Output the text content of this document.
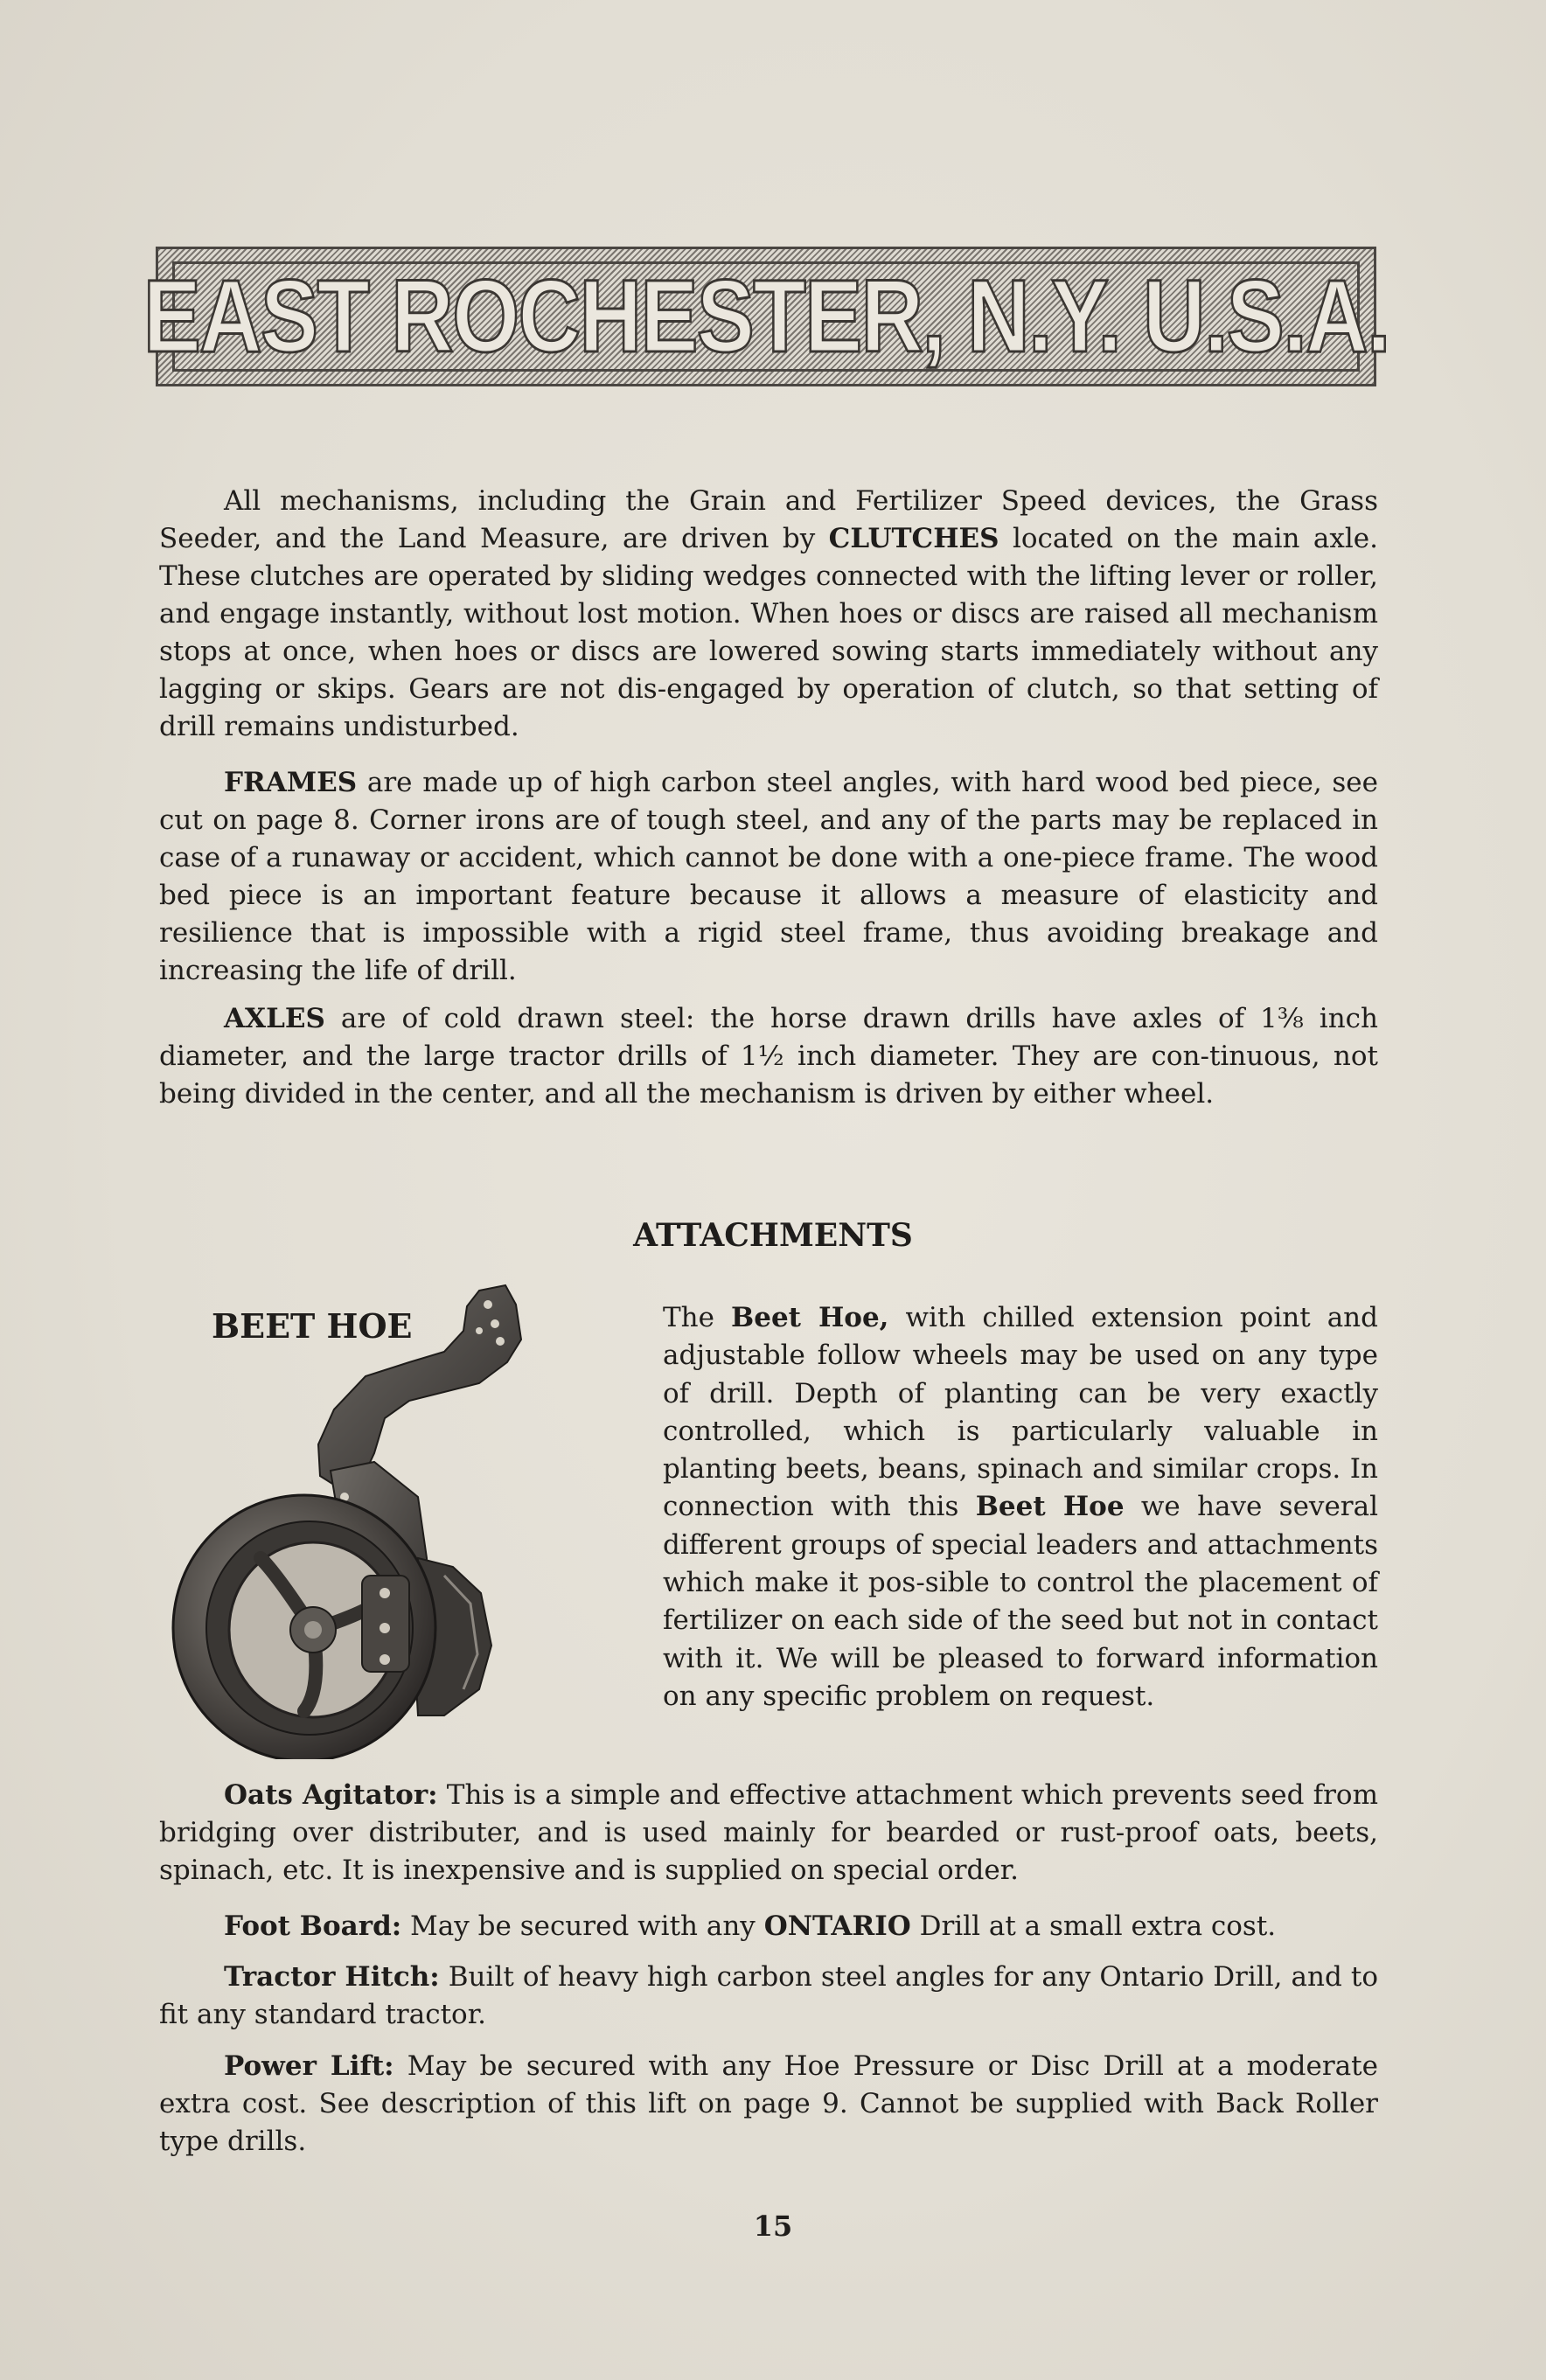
EAST ROCHESTER, N.Y. U.S.A.

All mechanisms, including the Grain and Fertilizer Speed devices, the Grass Seeder, and the Land Measure, are driven by CLUTCHES located on the main axle. These clutches are operated by sliding wedges connected with the lifting lever or roller, and engage instantly, without lost motion. When hoes or discs are raised all mechanism stops at once, when hoes or discs are lowered sowing starts immediately without any lagging or skips. Gears are not dis-engaged by operation of clutch, so that setting of drill remains undisturbed.

FRAMES are made up of high carbon steel angles, with hard wood bed piece, see cut on page 8. Corner irons are of tough steel, and any of the parts may be replaced in case of a runaway or accident, which cannot be done with a one-piece frame. The wood bed piece is an important feature because it allows a measure of elasticity and resilience that is impossible with a rigid steel frame, thus avoiding breakage and increasing the life of drill.

AXLES are of cold drawn steel: the horse drawn drills have axles of 1⅜ inch diameter, and the large tractor drills of 1½ inch diameter. They are con-tinuous, not being divided in the center, and all the mechanism is driven by either wheel.

ATTACHMENTS
BEET HOE	The Beet Hoe, with chilled extension point and adjustable follow wheels may be used on any type of drill. Depth of planting can be very exactly controlled, which is particularly valuable in planting beets, beans, spinach and similar crops. In connection with this Beet Hoe we have several different groups of special leaders and attachments which make it pos-sible to control the placement of fertilizer on each side of the seed but not in contact with it. We will be pleased to forward information on any specific problem on request.

Oats Agitator: This is a simple and effective attachment which prevents seed from bridging over distributer, and is used mainly for bearded or rust-proof oats, beets, spinach, etc. It is inexpensive and is supplied on special order.

Foot Board: May be secured with any ONTARIO Drill at a small extra cost.

Tractor Hitch: Built of heavy high carbon steel angles for any Ontario Drill, and to fit any standard tractor.

Power Lift: May be secured with any Hoe Pressure or Disc Drill at a moderate extra cost. See description of this lift on page 9. Cannot be supplied with Back Roller type drills.

15
